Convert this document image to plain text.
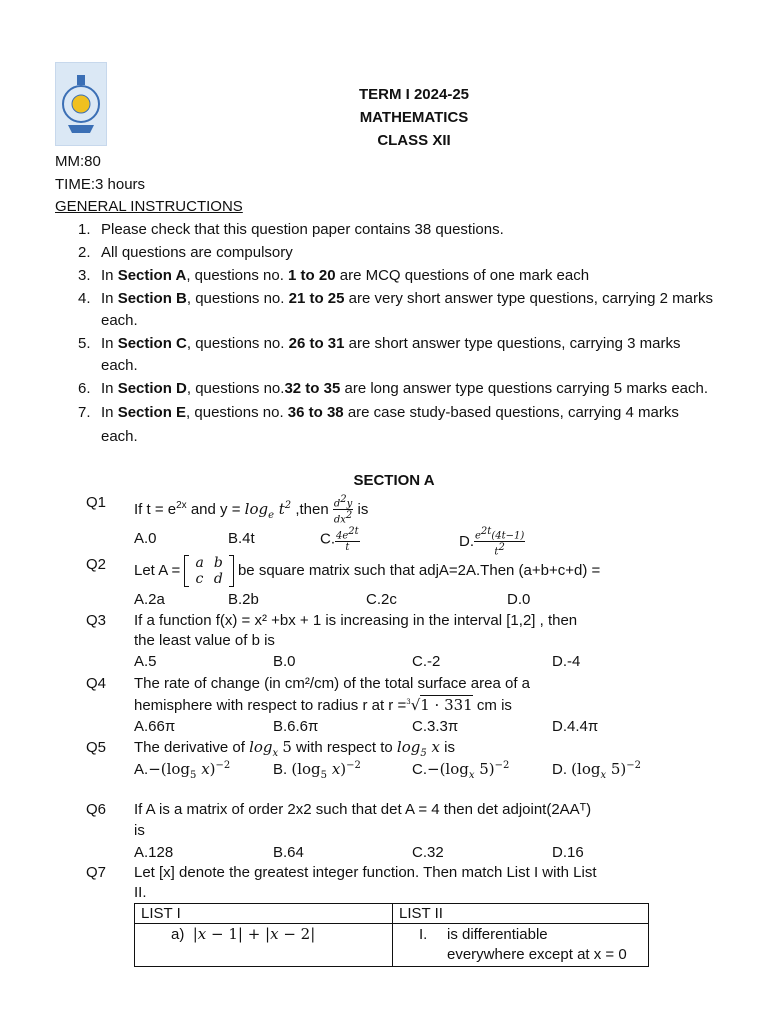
TERM I 2024-25
MATHEMATICS
CLASS XII
MM:80
TIME:3 hours
GENERAL INSTRUCTIONS
1. Please check that this question paper contains 38 questions.
2. All questions are compulsory
3. In Section A, questions no. 1 to 20 are MCQ questions of one mark each
4. In Section B, questions no. 21 to 25 are very short answer type questions, carrying 2 marks each.
5. In Section C, questions no. 26 to 31 are short answer type questions, carrying 3 marks each.
6. In Section D, questions no.32 to 35 are long answer type questions carrying 5 marks each.
7. In Section E, questions no. 36 to 38 are case study-based questions, carrying 4 marks each.
SECTION A
Q1 If $t = e^{2x}$ and $y = \log_e t^2$ ,then $\frac{d^2y}{dx^2}$ is
A.0	B.4t	C. $\frac{4e^{2t}}{t}$	D. $\frac{e^{2t}(4t-1)}{t^2}$
Q2 Let A = a	b
c	d
be square matrix such that adjA=2A.Then (a+b+c+d) =
A.2a	B.2b	C.2c	D.0
Q3 If a function f(x) = x² +bx + 1 is increasing in the interval [1,2] , then
the least value of b is
A.5	B.0	C.-2	D.-4
Q4 The rate of change (in cm²/cm) of the total surface area of a
hemisphere with respect to radius r at r =$^3$√1 · 331 cm is
A.66π	B.6.6π	C.3.3π	D.4.4π
Q5 The derivative of $\log_x 5$ with respect to $\log_5 x$ is
$A.-(\log_5$ x)$^{-2}$	B. ($\log_5$ x)$^{-2}$	$C.-(\log_x$ 5)$^{-2}$	D. ($\log_x$ 5)$^{-2}$
Q6 If A is a matrix of order 2x2 such that det A = 4 then det adjoint(2AAᵀ)
is
A.128	B.64	C.32	D.16
Q7 Let [x] denote the greatest integer function. Then match List I with List
II.
LIST I	LIST II
a) |x − 1| + |x − 2|	I. is differentiable
everywhere except at x = 0
